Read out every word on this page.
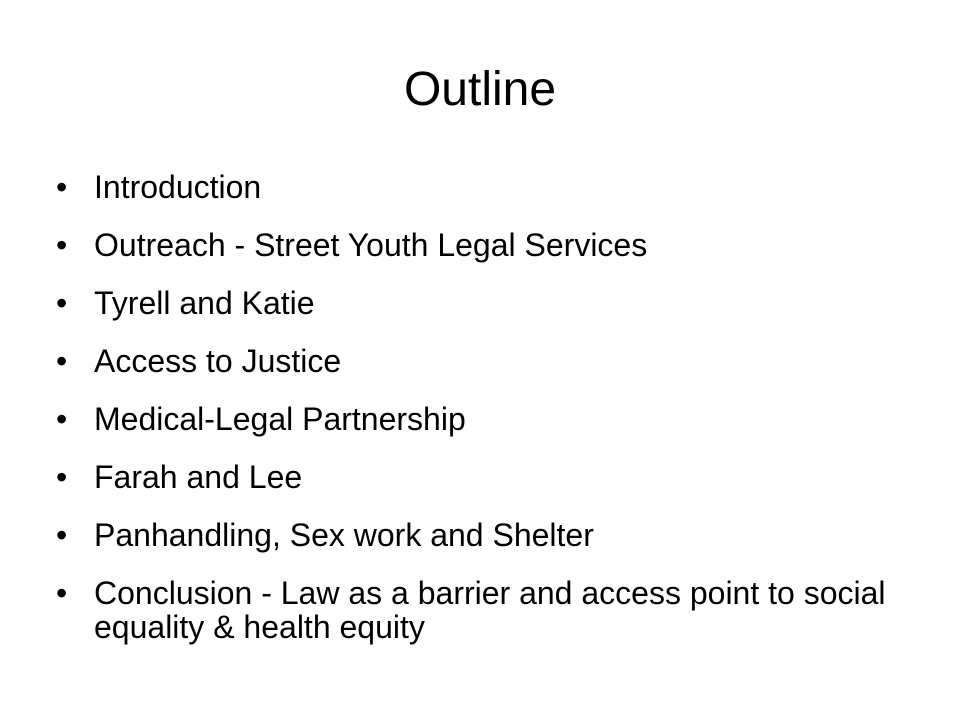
Outline
• Introduction
• Outreach - Street Youth Legal Services
• Tyrell and Katie
• Access to Justice
• Medical-Legal Partnership
• Farah and Lee
• Panhandling, Sex work and Shelter
• Conclusion - Law as a barrier and access point to social equality & health equity
